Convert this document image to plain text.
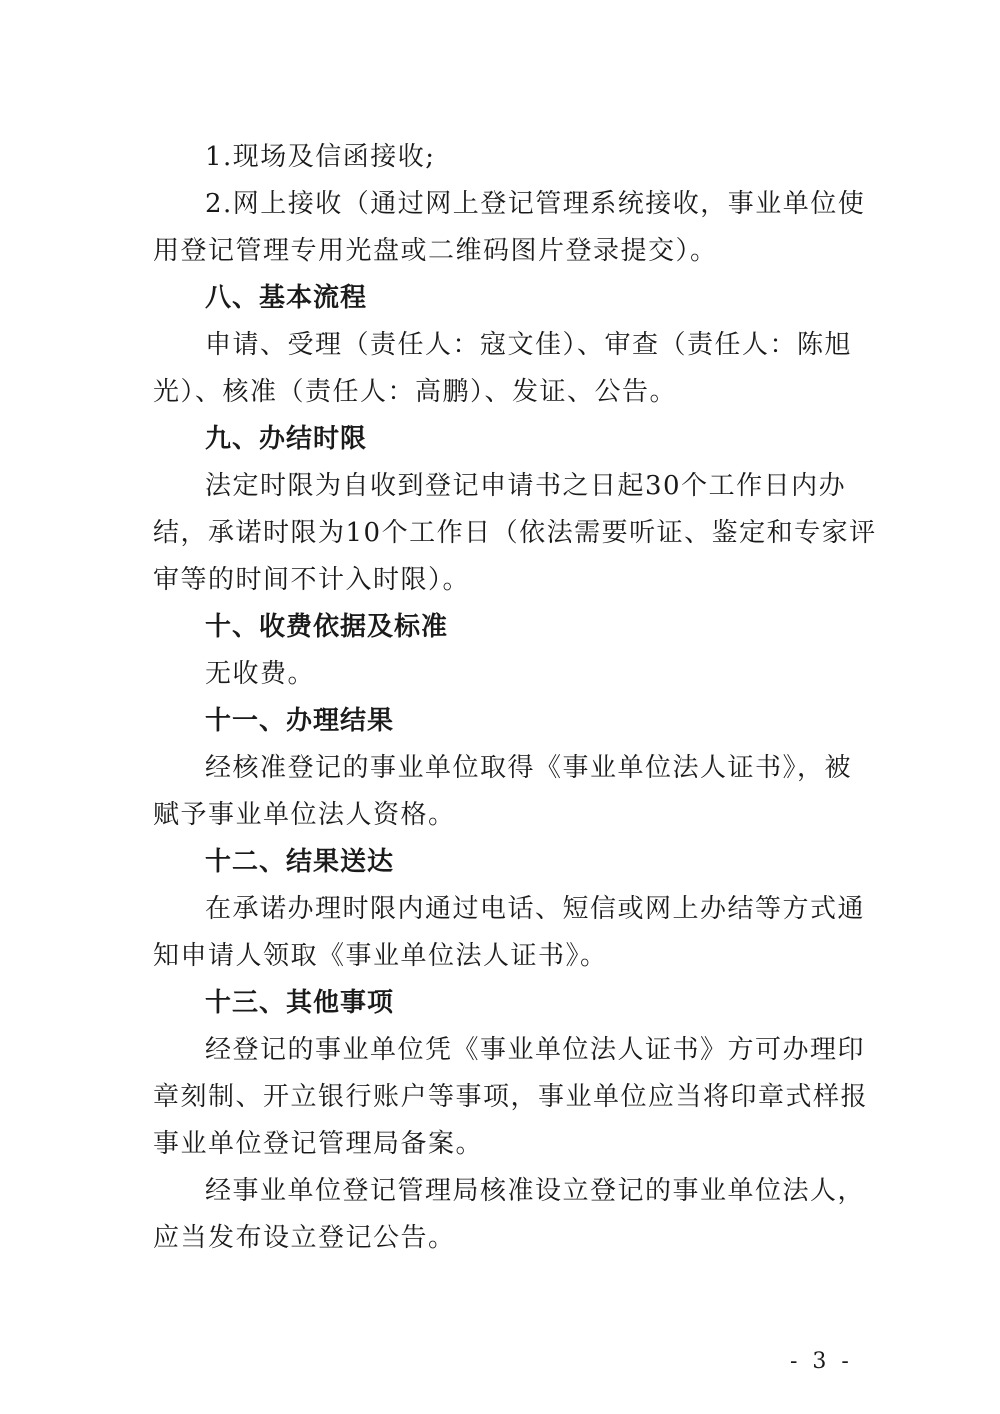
1.现场及信函接收;
2.网上接收（通过网上登记管理系统接收，事业单位使
用登记管理专用光盘或二维码图片登录提交）。
八、基本流程
申请、受理（责任人：寇文佳）、审查（责任人：陈旭
光）、核准（责任人：高鹏）、发证、公告。
九、办结时限
法定时限为自收到登记申请书之日起30个工作日内办
结，承诺时限为10个工作日（依法需要听证、鉴定和专家评
审等的时间不计入时限）。
十、收费依据及标准
无收费。
十一、办理结果
经核准登记的事业单位取得《事业单位法人证书》，被
赋予事业单位法人资格。
十二、结果送达
在承诺办理时限内通过电话、短信或网上办结等方式通
知申请人领取《事业单位法人证书》。
十三、其他事项
经登记的事业单位凭《事业单位法人证书》方可办理印
章刻制、开立银行账户等事项，事业单位应当将印章式样报
事业单位登记管理局备案。
经事业单位登记管理局核准设立登记的事业单位法人，
应当发布设立登记公告。
- 3 -
